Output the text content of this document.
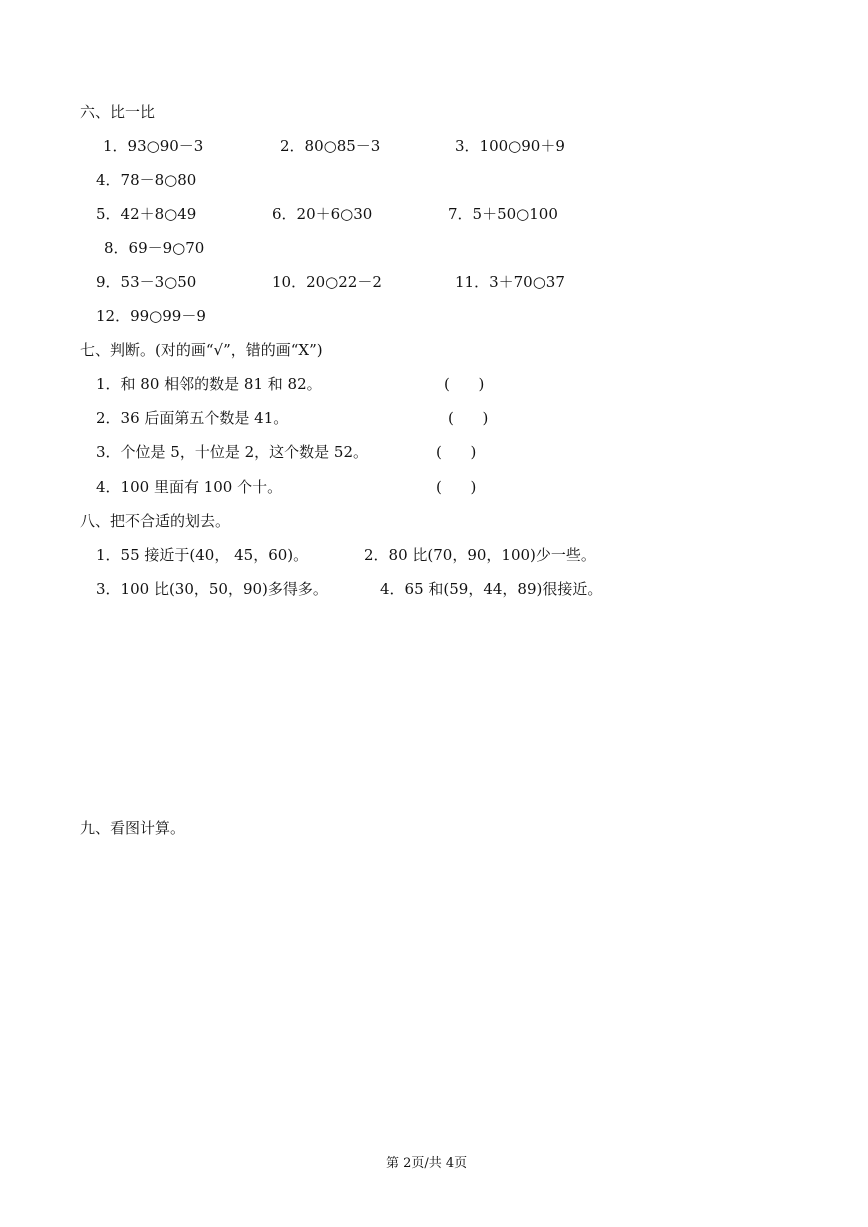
六、比一比
1．93○90－3	2．80○85－3	3．100○90＋9
4．78－8○80
5．42＋8○49	6．20＋6○30	7．5＋50○100
8．69－9○70
9．53－3○50	10．20○22－2	11．3＋70○37
12．99○99－9
七、判断。(对的画“√”，错的画“X”)
1．和 80 相邻的数是 81 和 82。	(      )
2．36 后面第五个数是 41。	(      )
3．个位是 5，十位是 2，这个数是 52。	(      )
4．100 里面有 100 个十。	(      )
八、把不合适的划去。
1．55 接近于(40， 45，60)。	2．80 比(70，90，100)少一些。
3．100 比(30，50，90)多得多。	4．65 和(59，44，89)很接近。
九、看图计算。
第 2页/共 4页
